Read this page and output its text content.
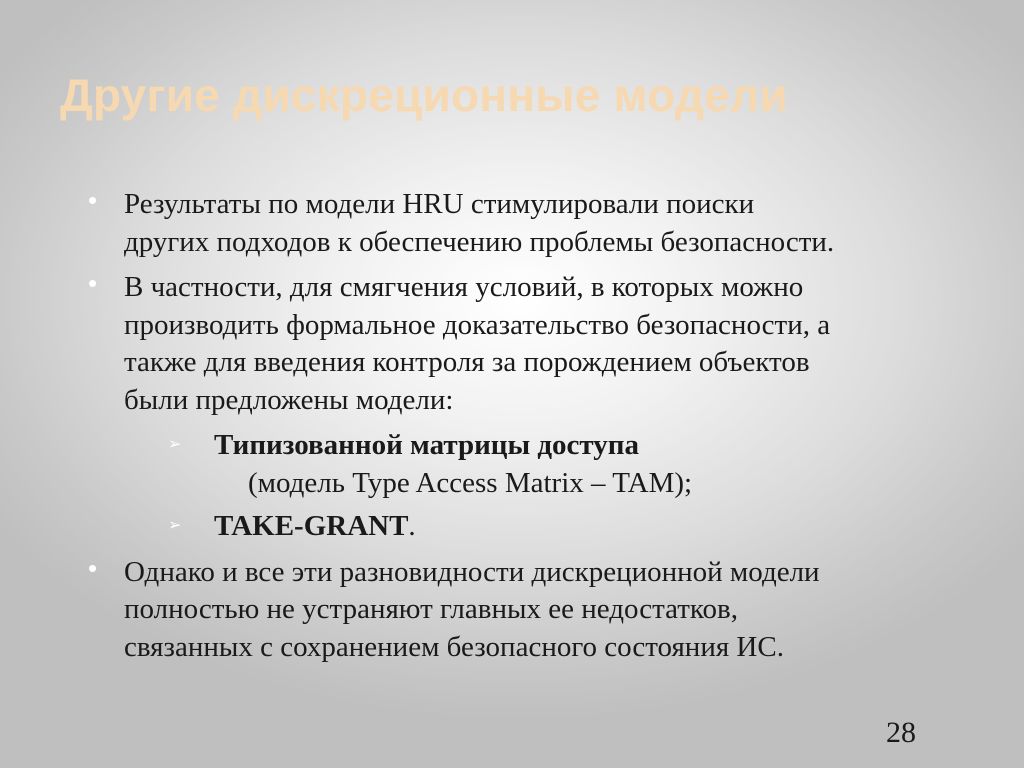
Другие дискреционные модели
• Результаты по модели HRU стимулировали поиски
других подходов к обеспечению проблемы безопасности.
• В частности, для смягчения условий, в которых можно
производить формальное доказательство безопасности, а
также для введения контроля за порождением объектов
были предложены модели:
➢ Типизованной матрицы доступа
(модель Type Access Matrix – TAM);
➢ TAKE-GRANT.
• Однако и все эти разновидности дискреционной модели
полностью не устраняют главных ее недостатков,
связанных с сохранением безопасного состояния ИС.
28
